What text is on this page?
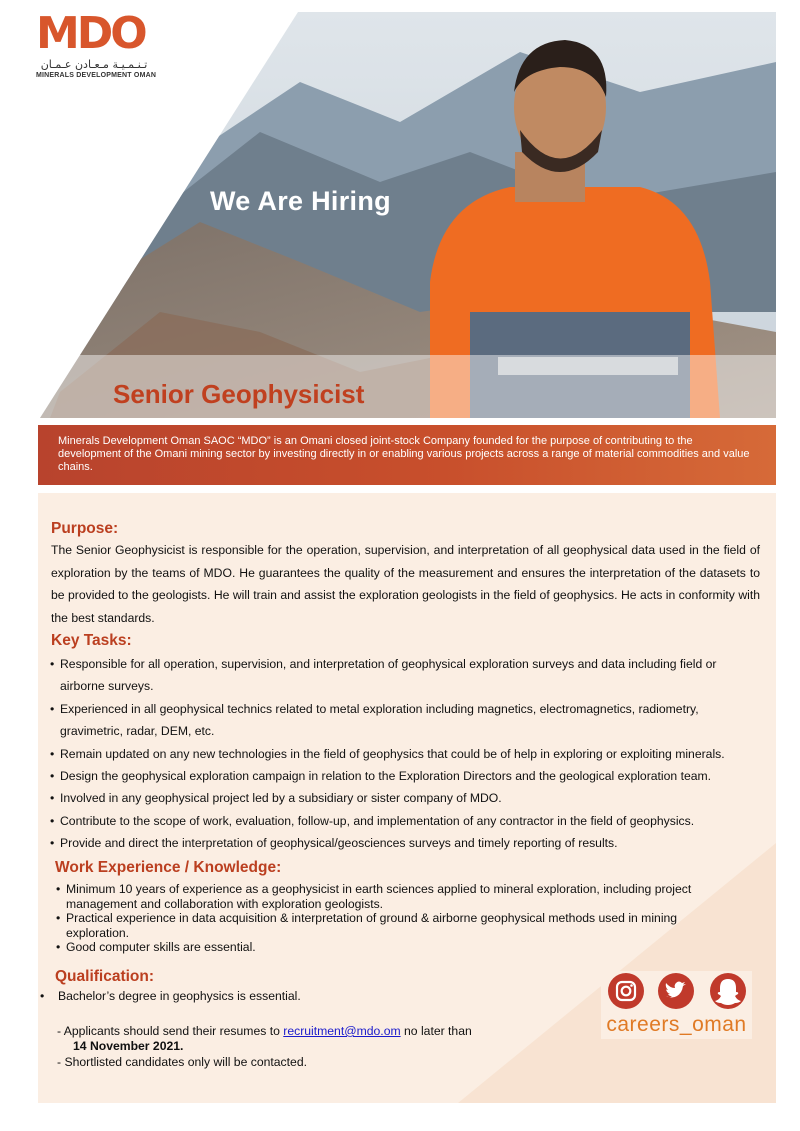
MDO
تـنـمـيـة مـعـادن عـمـان
MINERALS DEVELOPMENT OMAN
We Are Hiring
Senior Geophysicist
Minerals Development Oman SAOC “MDO” is an Omani closed joint-stock Company founded for the purpose of contributing to the development of the Omani mining sector by investing directly in or enabling various projects across a range of material commodities and value chains.
Purpose:
The Senior Geophysicist is responsible for the operation, supervision, and interpretation of all geophysical data used in the field of exploration by the teams of MDO. He guarantees the quality of the measurement and ensures the interpretation of the datasets to be provided to the geologists. He will train and assist the exploration geologists in the field of geophysics. He acts in conformity with the best standards.
Key Tasks:
• Responsible for all operation, supervision, and interpretation of geophysical exploration surveys and data including field or airborne surveys.
• Experienced in all geophysical technics related to metal exploration including magnetics, electromagnetics, radiometry, gravimetric, radar, DEM, etc.
• Remain updated on any new technologies in the field of geophysics that could be of help in exploring or exploiting minerals.
• Design the geophysical exploration campaign in relation to the Exploration Directors and the geological exploration team.
• Involved in any geophysical project led by a subsidiary or sister company of MDO.
• Contribute to the scope of work, evaluation, follow-up, and implementation of any contractor in the field of geophysics.
• Provide and direct the interpretation of geophysical/geosciences surveys and timely reporting of results.
Work Experience / Knowledge:
• Minimum 10 years of experience as a geophysicist in earth sciences applied to mineral exploration, including project management and collaboration with exploration geologists.
• Practical experience in data acquisition & interpretation of ground & airborne geophysical methods used in mining exploration.
• Good computer skills are essential.
Qualification:
• Bachelor’s degree in geophysics is essential.
- Applicants should send their resumes to recruitment@mdo.om no later than
14 November 2021.
- Shortlisted candidates only will be contacted.
careers_oman
